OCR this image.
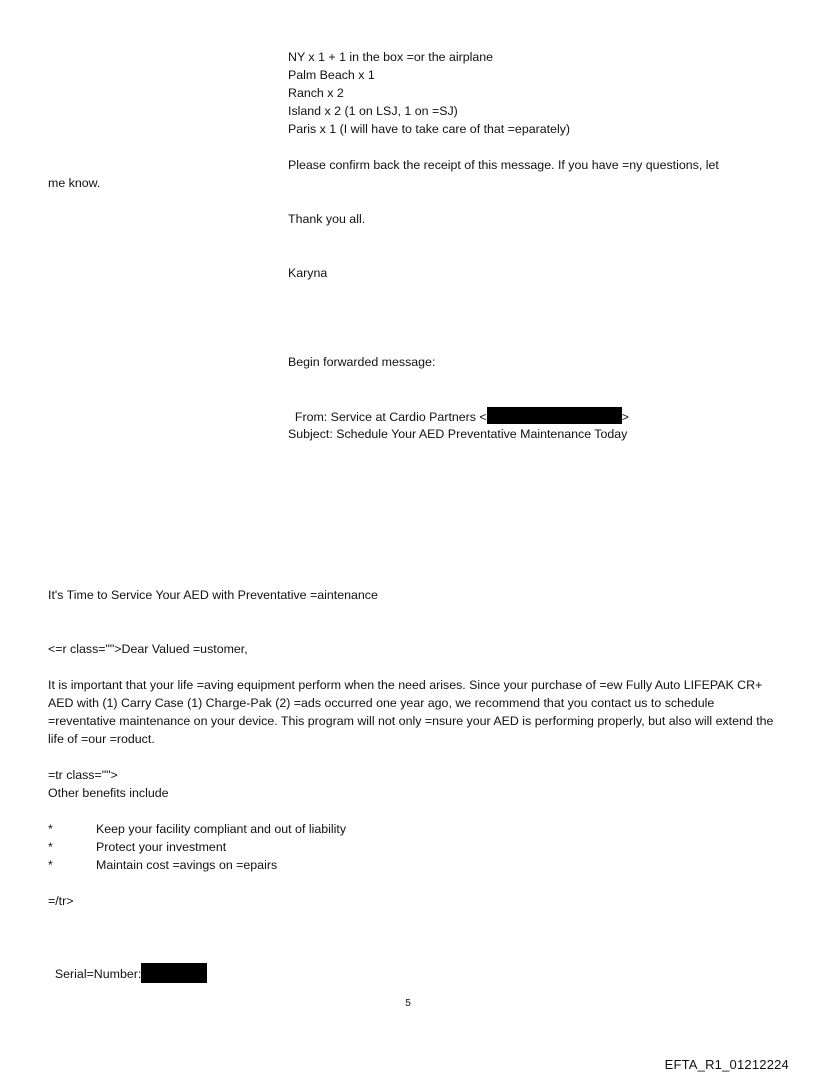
NY x 1 + 1 in the box =or the airplane
Palm Beach x 1
Ranch x 2
Island x 2 (1 on LSJ, 1 on =SJ)
Paris x 1 (I will have to take care of that =eparately)
Please confirm back the receipt of this message. If you have =ny questions, let
me know.
Thank you all.
Karyna
Begin forwarded message:

From: Service at Cardio Partners <	>

Subject: Schedule Your AED Preventative Maintenance Today
It's Time to Service Your AED with Preventative =aintenance
<=r class="">Dear Valued =ustomer,
It is important that your life =aving equipment perform when the need arises. Since your purchase of =ew Fully Auto LIFEPAK CR+ AED with (1) Carry Case (1) Charge-Pak (2) =ads occurred one year ago, we recommend that you contact us to schedule =reventative maintenance on your device. This program will not only =nsure your AED is performing properly, but also will extend the life of =our =roduct.
=tr class="">
Other benefits include
*	Keep your facility compliant and out of liability
*	Protect your investment
*	Maintain cost =avings on =epairs
=/tr>

Serial=Number:

5
EFTA_R1_01212224
